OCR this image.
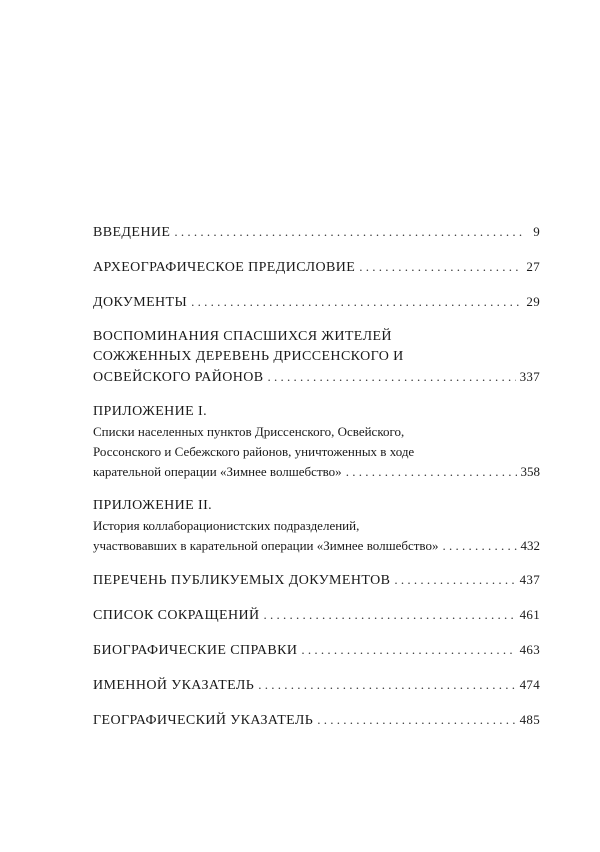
ВВЕДЕНИЕ . . .	9
АРХЕОГРАФИЧЕСКОЕ ПРЕДИСЛОВИЕ . . .	27
ДОКУМЕНТЫ . . .	29
ВОСПОМИНАНИЯ СПАСШИХСЯ ЖИТЕЛЕЙ
СОЖЖЕННЫХ ДЕРЕВЕНЬ ДРИССЕНСКОГО И
ОСВЕЙСКОГО РАЙОНОВ . . .	337
ПРИЛОЖЕНИЕ I.
Списки населенных пунктов Дриссенского, Освейского,
Россонского и Себежского районов, уничтоженных в ходе
карательной операции «Зимнее волшебство» . . .	358
ПРИЛОЖЕНИЕ II.
История коллаборационистских подразделений,
участвовавших в карательной операции «Зимнее волшебство» . . .	432
ПЕРЕЧЕНЬ ПУБЛИКУЕМЫХ ДОКУМЕНТОВ . . .	437
СПИСОК СОКРАЩЕНИЙ . . .	461
БИОГРАФИЧЕСКИЕ СПРАВКИ . . .	463
ИМЕННОЙ УКАЗАТЕЛЬ . . .	474
ГЕОГРАФИЧЕСКИЙ УКАЗАТЕЛЬ . . .	485
